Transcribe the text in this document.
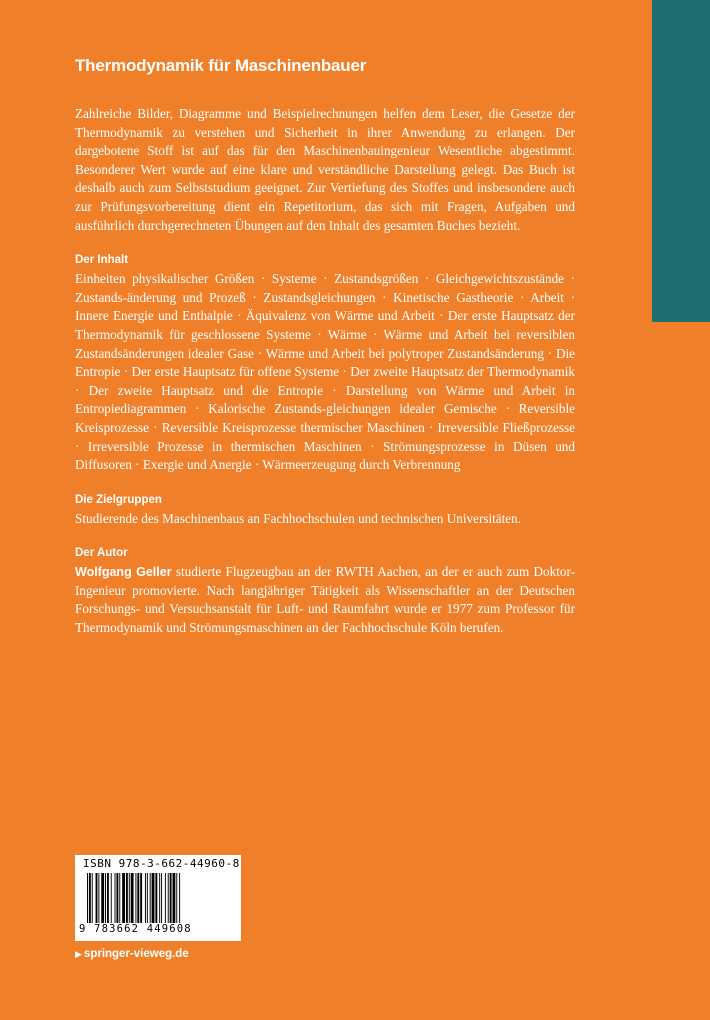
Thermodynamik für Maschinenbauer

Zahlreiche Bilder, Diagramme und Beispielrechnungen helfen dem Leser, die Gesetze der Thermodynamik zu verstehen und Sicherheit in ihrer Anwendung zu erlangen. Der dargebotene Stoff ist auf das für den Maschinenbauingenieur Wesentliche abgestimmt. Besonderer Wert wurde auf eine klare und verständliche Darstellung gelegt. Das Buch ist deshalb auch zum Selbststudium geeignet. Zur Vertiefung des Stoffes und insbesondere auch zur Prüfungsvorbereitung dient ein Repetitorium, das sich mit Fragen, Aufgaben und ausführlich durchgerechneten Übungen auf den Inhalt des gesamten Buches bezieht.

Der Inhalt

Einheiten physikalischer Größen · Systeme · Zustandsgrößen · Gleichgewichtszustände · Zustands-änderung und Prozeß · Zustandsgleichungen · Kinetische Gastheorie · Arbeit · Innere Energie und Enthalpie · Äquivalenz von Wärme und Arbeit · Der erste Hauptsatz der Thermodynamik für geschlossene Systeme · Wärme · Wärme und Arbeit bei reversiblen Zustandsänderungen idealer Gase · Wärme und Arbeit bei polytroper Zustandsänderung · Die Entropie · Der erste Hauptsatz für offene Systeme · Der zweite Hauptsatz der Thermodynamik · Der zweite Hauptsatz und die Entropie · Darstellung von Wärme und Arbeit in Entropiediagrammen · Kalorische Zustands-gleichungen idealer Gemische · Reversible Kreisprozesse · Reversible Kreisprozesse thermischer Maschinen · Irreversible Fließprozesse · Irreversible Prozesse in thermischen Maschinen · Strömungsprozesse in Düsen und Diffusoren · Exergie und Anergie · Wärmeerzeugung durch Verbrennung

Die Zielgruppen

Studierende des Maschinenbaus an Fachhochschulen und technischen Universitäten.

Der Autor

Wolfgang Geller studierte Flugzeugbau an der RWTH Aachen, an der er auch zum Doktor-Ingenieur promovierte. Nach langjähriger Tätigkeit als Wissenschaftler an der Deutschen Forschungs- und Versuchsanstalt für Luft- und Raumfahrt wurde er 1977 zum Professor für Thermodynamik und Strömungsmaschinen an der Fachhochschule Köln berufen.

ISBN 978-3-662-44960-8
9 783662 449608
▶ springer-vieweg.de
